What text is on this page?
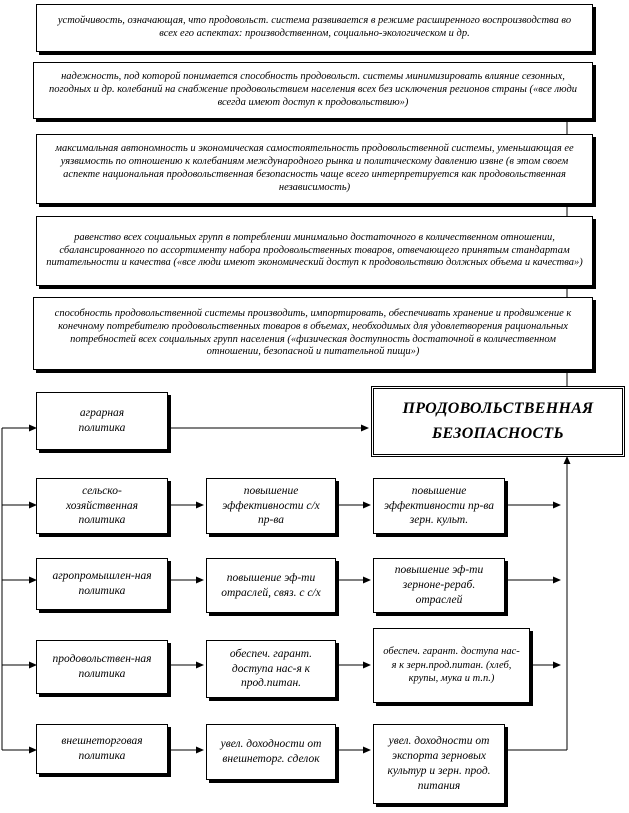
устойчивость, означающая, что продовольст. система развивается в режиме расширенного воспроизводства во всех его аспектах: производственном, социально-экологическом и др.
надежность, под которой понимается способность продовольст. системы минимизировать влияние сезонных, погодных и др. колебаний на снабжение продовольствием населения всех без исключения регионов страны («все люди всегда имеют доступ к продовольствию»)
максимальная автономность и экономическая самостоятельность продовольственной системы, уменьшающая ее уязвимость по отношению к колебаниям международного рынка и политическому давлению извне (в этом своем аспекте национальная продовольственная безопасность чаще всего интерпретируется как продовольственная независимость)
равенство всех социальных групп в потреблении минимально достаточного в количественном отношении, сбалансированного по ассортименту набора продовольственных товаров, отвечающего принятым стандартам питательности и качества («все люди имеют экономический доступ к продовольствию должных объема и качества»)
способность продовольственной системы производить, импортировать, обеспечивать хранение и продвижение к конечному потребителю продовольственных товаров в объемах, необходимых для удовлетворения рациональных потребностей всех социальных групп населения («физическая доступность достаточной в количественном отношении, безопасной и питательной пищи»)
ПРОДОВОЛЬСТВЕННАЯ БЕЗОПАСНОСТЬ
аграрная политика
сельско-хозяйственная политика
повышение эффективности с/х пр-ва
повышение эффективности пр-ва зерн. культ.
агропромышлен-ная политика
повышение эф-ти отраслей, связ. с с/х
повышение эф-ти зерноне-рераб. отраслей
продовольствен-ная политика
обеспеч. гарант. доступа нас-я к прод.питан.
обеспеч. гарант. доступа нас-я к зерн.прод.питан. (хлеб, крупы, мука и т.п.)
внешнеторговая политика
увел. доходности от внешнеторг. сделок
увел. доходности от экспорта зерновых культур и зерн. прод. питания
